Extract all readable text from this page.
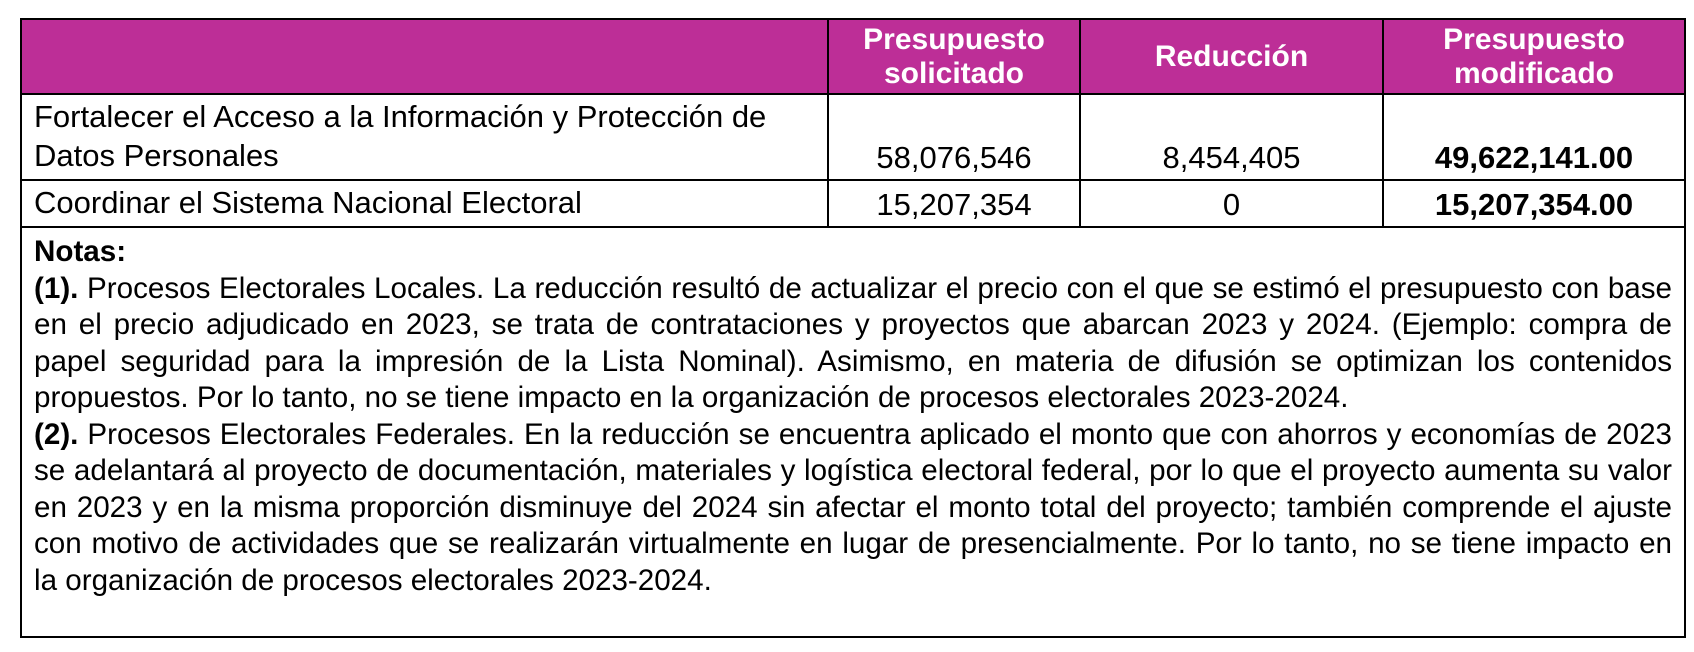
	Presupuesto solicitado	Reducción	Presupuesto modificado
Fortalecer el Acceso a la Información y Protección de Datos Personales	58,076,546	8,454,405	49,622,141.00
Coordinar el Sistema Nacional Electoral	15,207,354	0	15,207,354.00
Notas:

(1). Procesos Electorales Locales. La reducción resultó de actualizar el precio con el que se estimó el presupuesto con base en el precio adjudicado en 2023, se trata de contrataciones y proyectos que abarcan 2023 y 2024. (Ejemplo: compra de papel seguridad para la impresión de la Lista Nominal). Asimismo, en materia de difusión se optimizan los contenidos propuestos. Por lo tanto, no se tiene impacto en la organización de procesos electorales 2023-2024.

(2). Procesos Electorales Federales. En la reducción se encuentra aplicado el monto que con ahorros y economías de 2023 se adelantará al proyecto de documentación, materiales y logística electoral federal, por lo que el proyecto aumenta su valor en 2023 y en la misma proporción disminuye del 2024 sin afectar el monto total del proyecto; también comprende el ajuste con motivo de actividades que se realizarán virtualmente en lugar de presencialmente. Por lo tanto, no se tiene impacto en la organización de procesos electorales 2023-2024.
